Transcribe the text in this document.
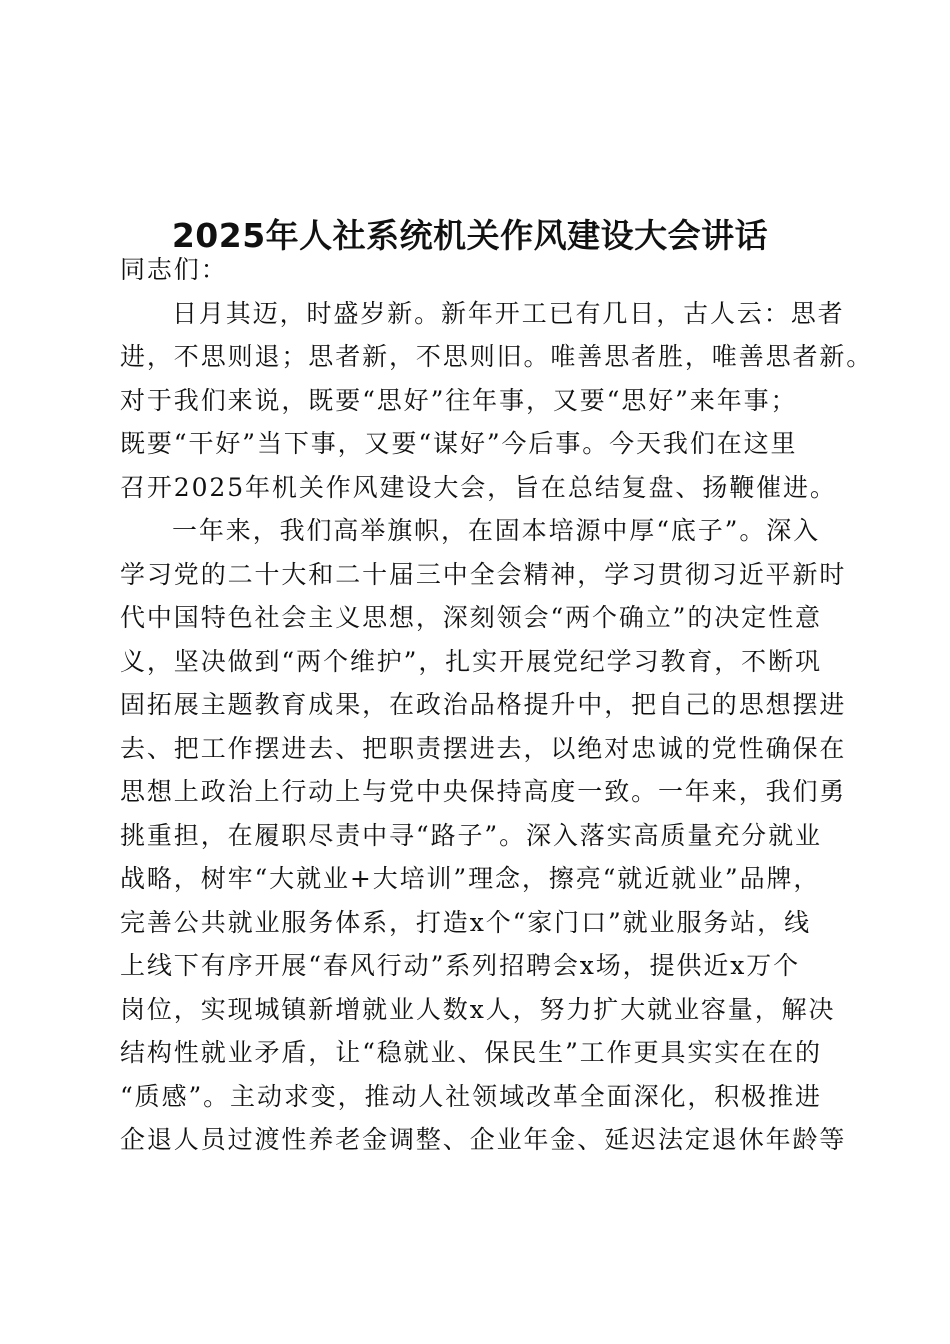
2025年人社系统机关作风建设大会讲话
同志们：
日月其迈，时盛岁新。新年开工已有几日，古人云：思者
进，不思则退；思者新，不思则旧。唯善思者胜，唯善思者新。
对于我们来说，既要“思好”往年事，又要“思好”来年事；
既要“干好”当下事，又要“谋好”今后事。今天我们在这里
召开2025年机关作风建设大会，旨在总结复盘、扬鞭催进。
一年来，我们高举旗帜，在固本培源中厚“底子”。深入
学习党的二十大和二十届三中全会精神，学习贯彻习近平新时
代中国特色社会主义思想，深刻领会“两个确立”的决定性意
义，坚决做到“两个维护”，扎实开展党纪学习教育，不断巩
固拓展主题教育成果，在政治品格提升中，把自己的思想摆进
去、把工作摆进去、把职责摆进去，以绝对忠诚的党性确保在
思想上政治上行动上与党中央保持高度一致。一年来，我们勇
挑重担，在履职尽责中寻“路子”。深入落实高质量充分就业
战略，树牢“大就业+大培训”理念，擦亮“就近就业”品牌，
完善公共就业服务体系，打造x个“家门口”就业服务站，线
上线下有序开展“春风行动”系列招聘会x场，提供近x万个
岗位，实现城镇新增就业人数x人，努力扩大就业容量，解决
结构性就业矛盾，让“稳就业、保民生”工作更具实实在在的
“质感”。主动求变，推动人社领域改革全面深化，积极推进
企退人员过渡性养老金调整、企业年金、延迟法定退休年龄等
